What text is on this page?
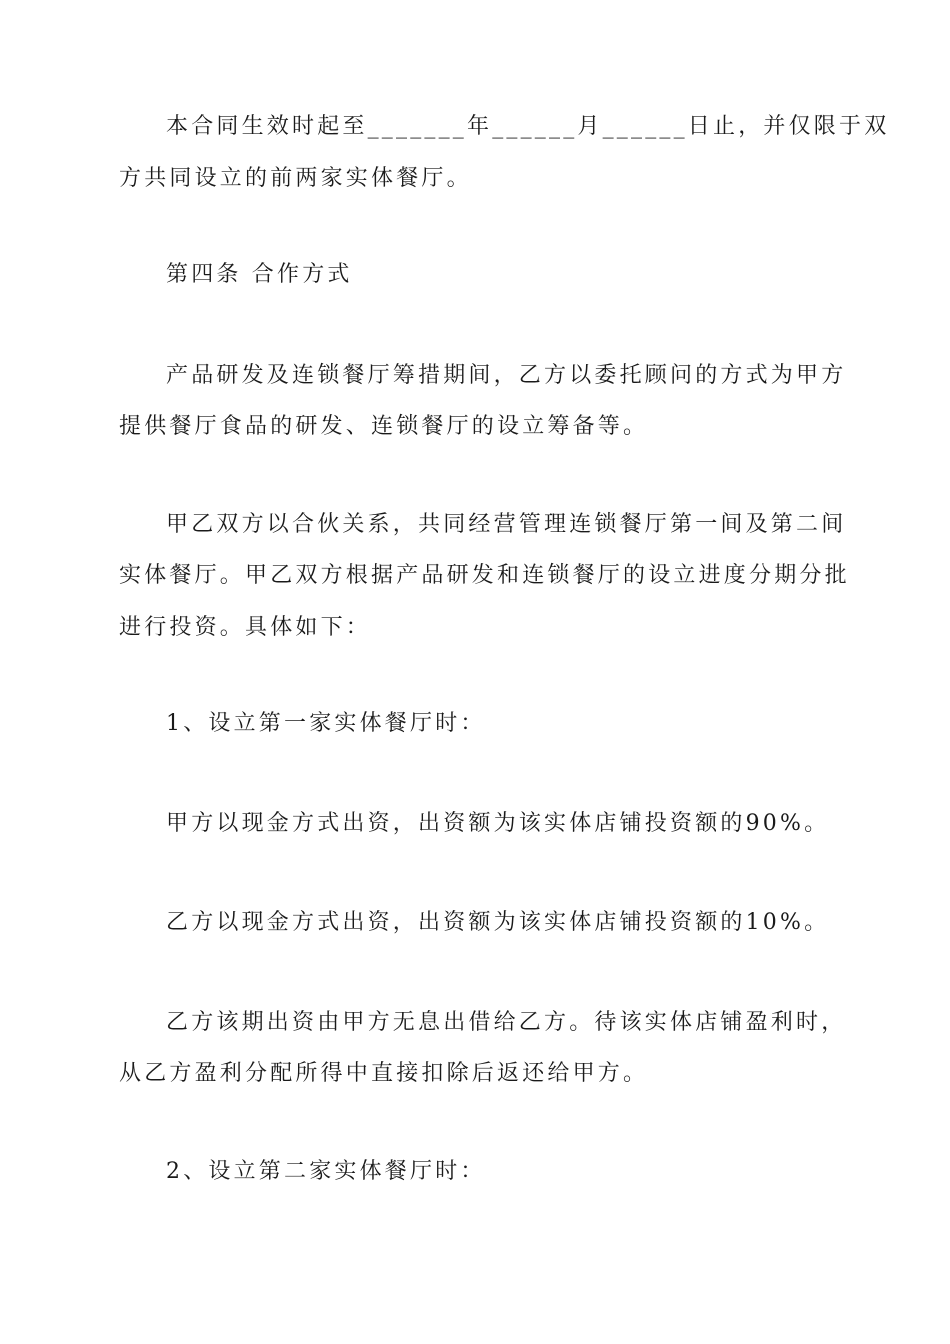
本合同生效时起至_______年______月______日止，并仅限于双
方共同设立的前两家实体餐厅。
第四条 合作方式
产品研发及连锁餐厅筹措期间，乙方以委托顾问的方式为甲方
提供餐厅食品的研发、连锁餐厅的设立筹备等。
甲乙双方以合伙关系，共同经营管理连锁餐厅第一间及第二间
实体餐厅。甲乙双方根据产品研发和连锁餐厅的设立进度分期分批
进行投资。具体如下：
1、设立第一家实体餐厅时：
甲方以现金方式出资，出资额为该实体店铺投资额的90%。
乙方以现金方式出资，出资额为该实体店铺投资额的10%。
乙方该期出资由甲方无息出借给乙方。待该实体店铺盈利时，
从乙方盈利分配所得中直接扣除后返还给甲方。
2、设立第二家实体餐厅时：
